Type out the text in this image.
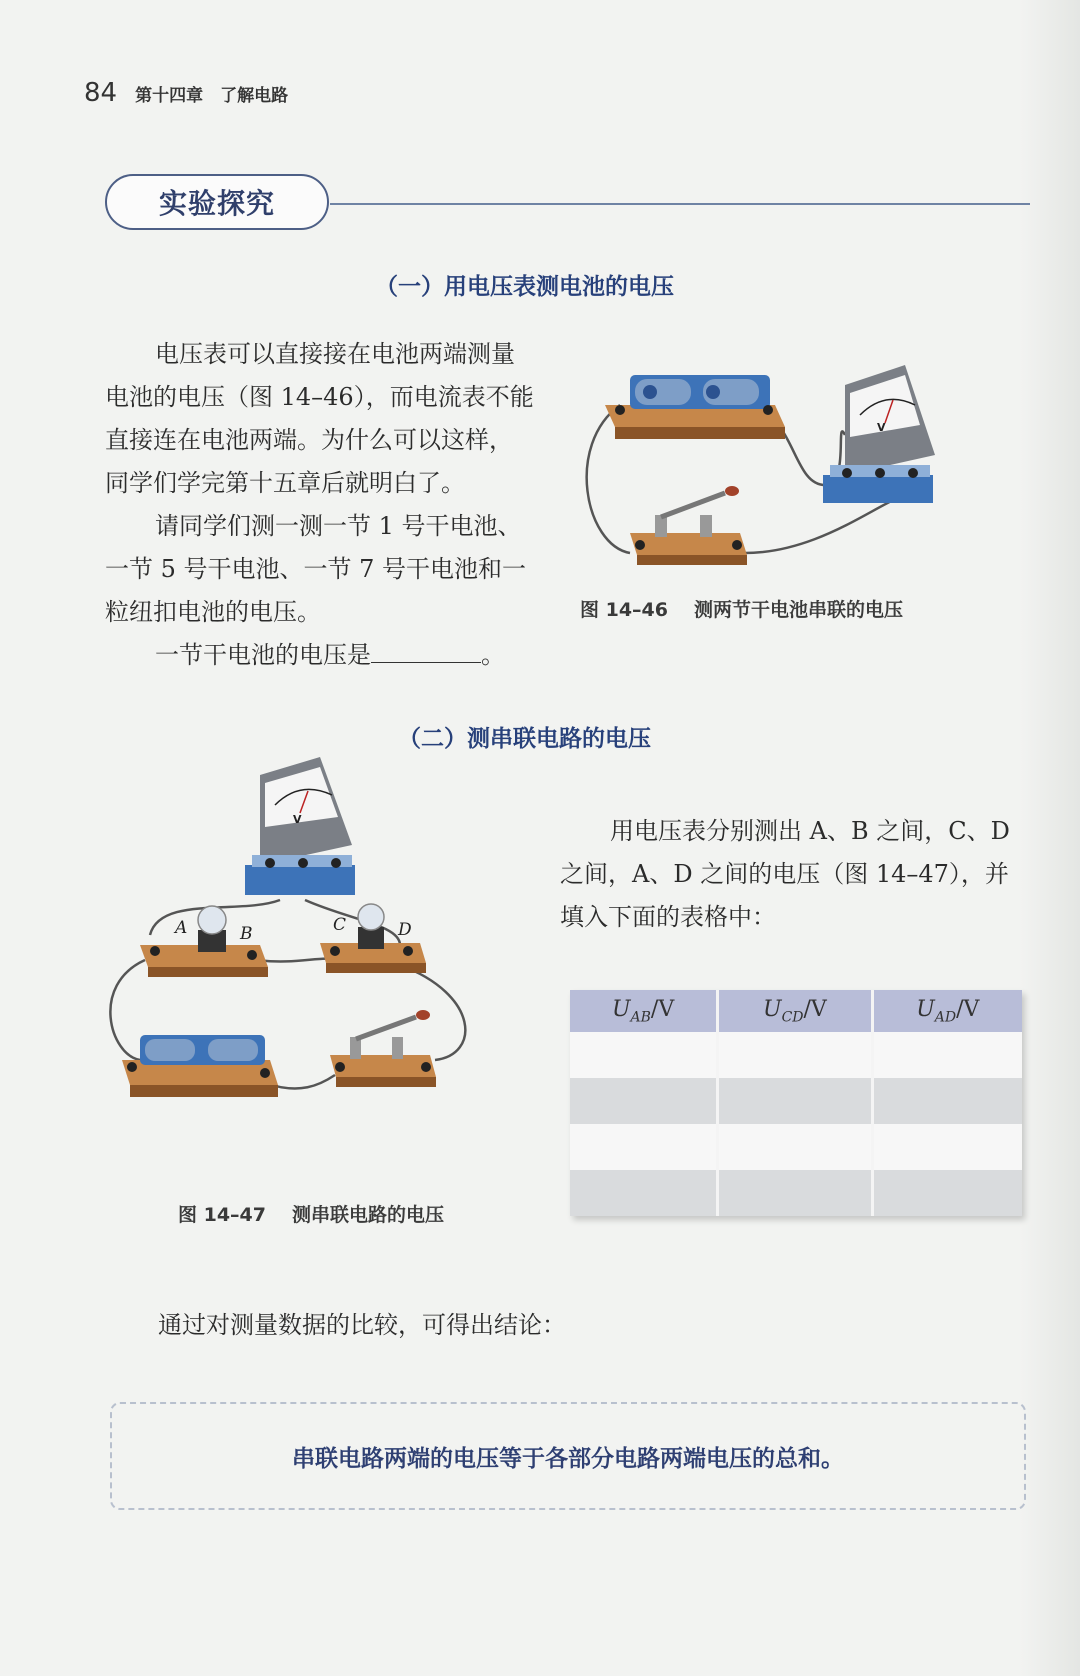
84 第十四章　了解电路
实验探究
（一）用电压表测电池的电压

电压表可以直接接在电池两端测量电池的电压（图 14–46），而电流表不能直接连在电池两端。为什么可以这样，同学们学完第十五章后就明白了。

请同学们测一测一节 1 号干电池、一节 5 号干电池、一节 7 号干电池和一粒纽扣电池的电压。

一节干电池的电压是	。

V
图 14–46 测两节干电池串联的电压
（二）测串联电路的电压
V
A	B	C	D

用电压表分别测出 A、B 之间，C、D 之间，A、D 之间的电压（图 14–47），并填入下面的表格中：

$U_{AB}/V$	$U_{CD}/V$	$U_{AD}/V$

图 14–47 测串联电路的电压
通过对测量数据的比较，可得出结论：
串联电路两端的电压等于各部分电路两端电压的总和。
